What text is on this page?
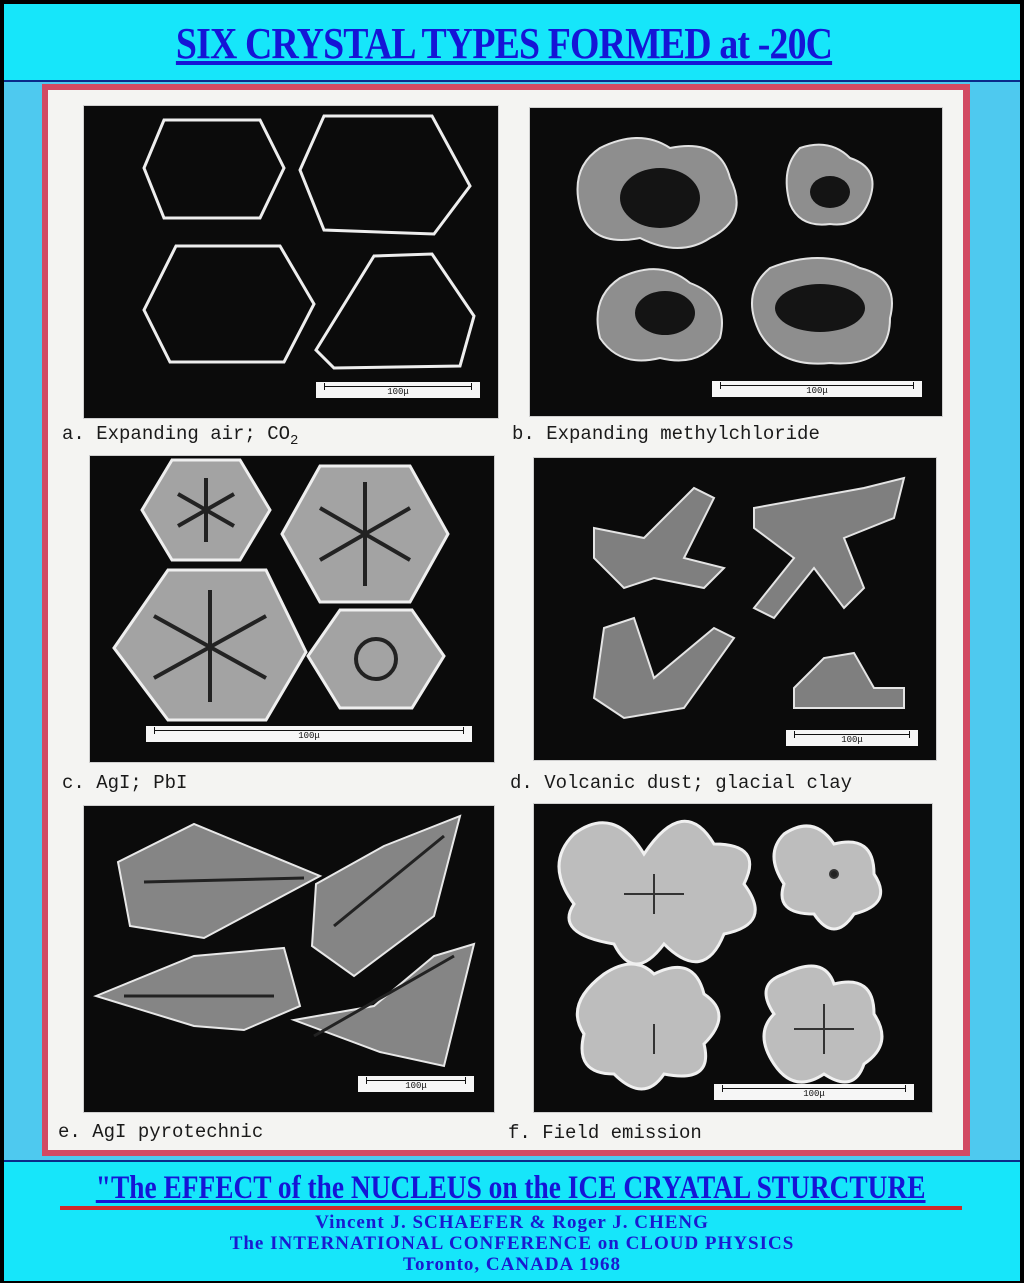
SIX CRYSTAL TYPES FORMED at -20C
100μ
a. Expanding air; $CO_2$
100μ
b. Expanding methylchloride
100μ
c. AgI; PbI
100μ
d. Volcanic dust; glacial clay
100μ
e. AgI pyrotechnic
100μ
f. Field emission
"The EFFECT of the NUCLEUS on the ICE CRYATAL STURCTURE
Vincent J. SCHAEFER & Roger J. CHENG
The INTERNATIONAL CONFERENCE on CLOUD PHYSICS
Toronto, CANADA 1968
